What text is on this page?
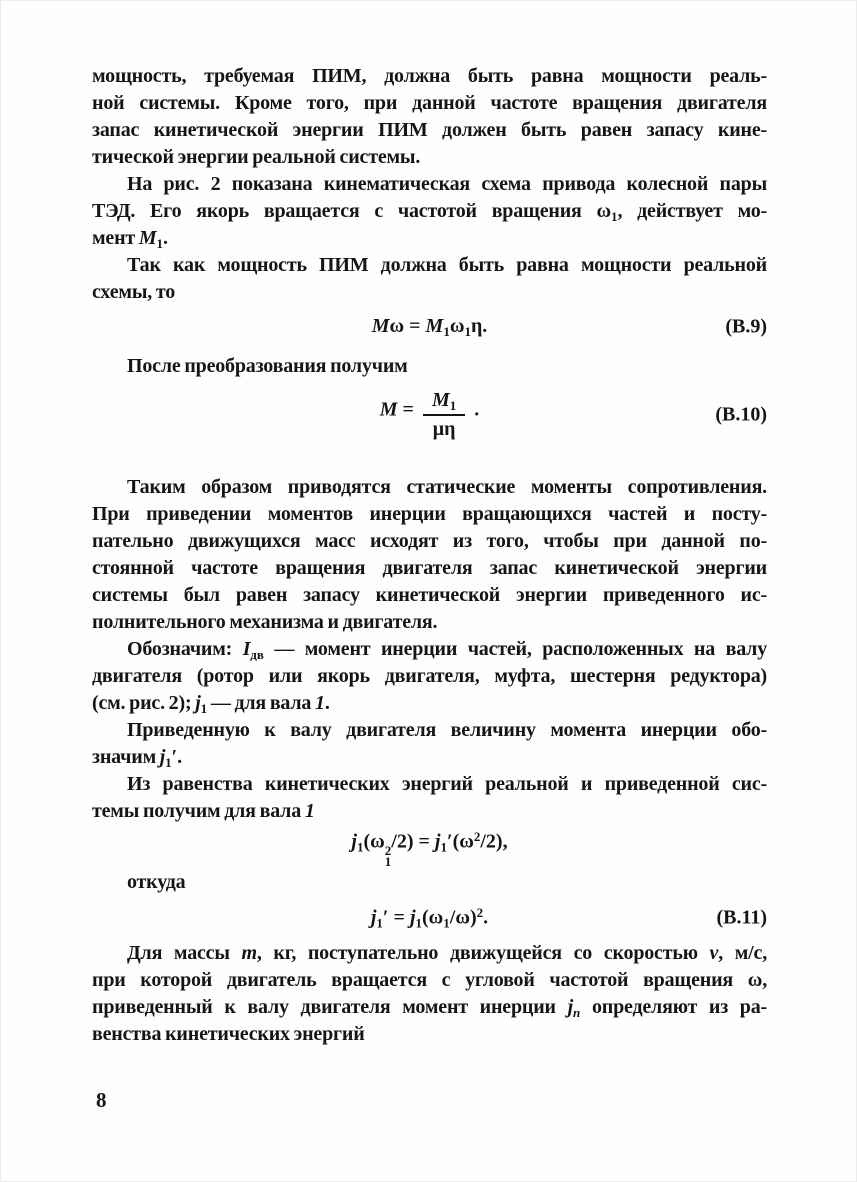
мощность, требуемая ПИМ, должна быть равна мощности реаль-
ной системы. Кроме того, при данной частоте вращения двигателя
запас кинетической энергии ПИМ должен быть равен запасу кине-
тической энергии реальной системы.
На рис. 2 показана кинематическая схема привода колесной пары
ТЭД. Его якорь вращается с частотой вращения $\omega_1$, действует мо-
мент $M_1$.
Так как мощность ПИМ должна быть равна мощности реальной
схемы, то
$M\omega = M_1\omega_1\eta$.	(В.9)
После преобразования получим
$M = \frac{M_1}{\mu\eta}$ .	(В.10)
Таким образом приводятся статические моменты сопротивления.
При приведении моментов инерции вращающихся частей и посту-
пательно движущихся масс исходят из того, чтобы при данной по-
стоянной частоте вращения двигателя запас кинетической энергии
системы был равен запасу кинетической энергии приведенного ис-
полнительного механизма и двигателя.
Обозначим: $I_{дв}$ — момент инерции частей, расположенных на валу
двигателя (ротор или якорь двигателя, муфта, шестерня редуктора)
(см. рис. 2); $j_1$ — для вала 1.
Приведенную к валу двигателя величину момента инерции обо-
значим $j_1'$.
Из равенства кинетических энергий реальной и приведенной сис-
темы получим для вала 1
$j_1(\omega$ 2
1
$/2) = j_1'(\omega^2/2)$,
откуда
$j_1' = j_1(\omega_1/\omega)^2$.	(В.11)
Для массы m, кг, поступательно движущейся со скоростью v, м/с,
при которой двигатель вращается с угловой частотой вращения ω,
приведенный к валу двигателя момент инерции $j_n$ определяют из ра-
венства кинетических энергий
8
